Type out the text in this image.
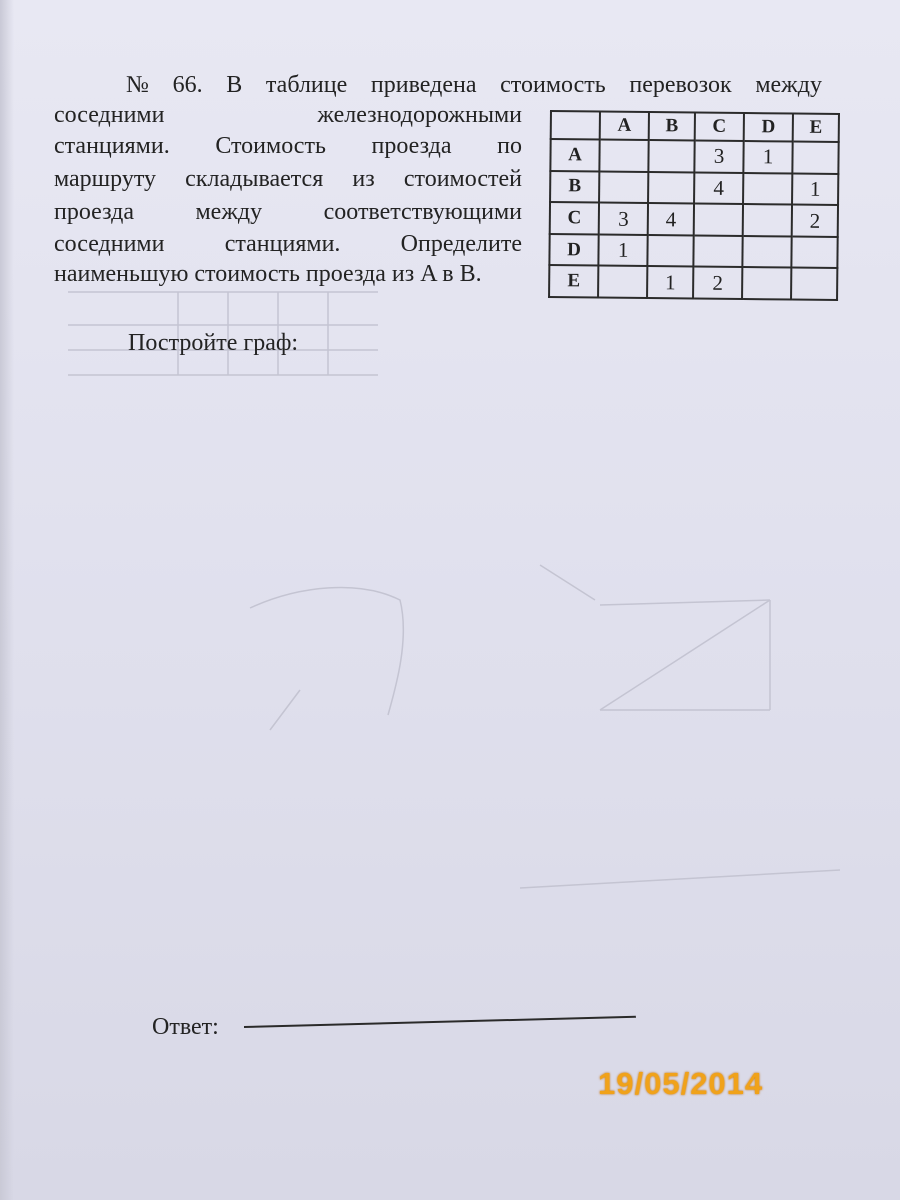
№ 66. В таблице приведена стоимость перевозок между
соседними	железнодорожными
станциями. Стоимость проезда по
маршруту складывается из стоимостей
проезда	между	соответствующими
соседними	станциями.	Определите
наименьшую стоимость проезда из A в B.
	A	B	C	D	E
A			3	1	
B			4		1
C	3	4			2
D	1				
E		1	2		
Постройте граф:
Ответ:
19/05/2014
